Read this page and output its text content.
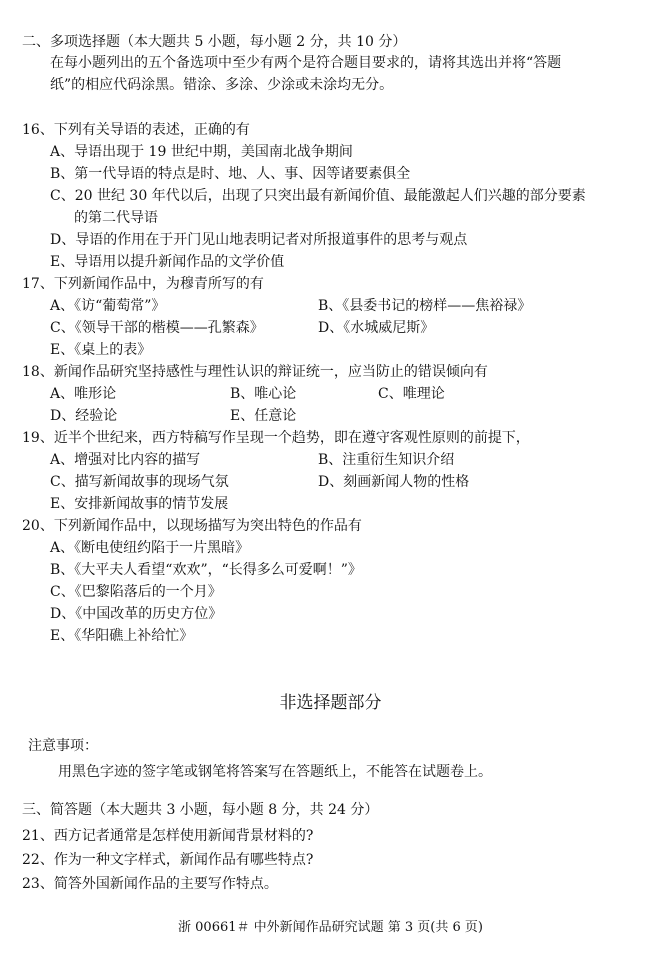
二、多项选择题（本大题共 5 小题，每小题 2 分，共 10 分）
在每小题列出的五个备选项中至少有两个是符合题目要求的，请将其选出并将“答题
纸”的相应代码涂黑。错涂、多涂、少涂或未涂均无分。
16、下列有关导语的表述，正确的有
A、导语出现于 19 世纪中期，美国南北战争期间
B、第一代导语的特点是时、地、人、事、因等诸要素俱全
C、20 世纪 30 年代以后，出现了只突出最有新闻价值、最能激起人们兴趣的部分要素
的第二代导语
D、导语的作用在于开门见山地表明记者对所报道事件的思考与观点
E、导语用以提升新闻作品的文学价值
17、下列新闻作品中，为穆青所写的有
A、《访“葡萄常”》	B、《县委书记的榜样——焦裕禄》
C、《领导干部的楷模——孔繁森》	D、《水城威尼斯》
E、《桌上的表》
18、新闻作品研究坚持感性与理性认识的辩证统一，应当防止的错误倾向有
A、唯形论	B、唯心论	C、唯理论
D、经验论	E、任意论
19、近半个世纪来，西方特稿写作呈现一个趋势，即在遵守客观性原则的前提下，
A、增强对比内容的描写	B、注重衍生知识介绍
C、描写新闻故事的现场气氛	D、刻画新闻人物的性格
E、安排新闻故事的情节发展
20、下列新闻作品中，以现场描写为突出特色的作品有
A、《断电使纽约陷于一片黑暗》
B、《大平夫人看望“欢欢”，“长得多么可爱啊！”》
C、《巴黎陷落后的一个月》
D、《中国改革的历史方位》
E、《华阳礁上补给忙》
非选择题部分
注意事项：
用黑色字迹的签字笔或钢笔将答案写在答题纸上，不能答在试题卷上。
三、简答题（本大题共 3 小题，每小题 8 分，共 24 分）
21、西方记者通常是怎样使用新闻背景材料的?
22、作为一种文字样式，新闻作品有哪些特点?
23、简答外国新闻作品的主要写作特点。
浙 00661＃ 中外新闻作品研究试题 第 3 页(共 6 页)
